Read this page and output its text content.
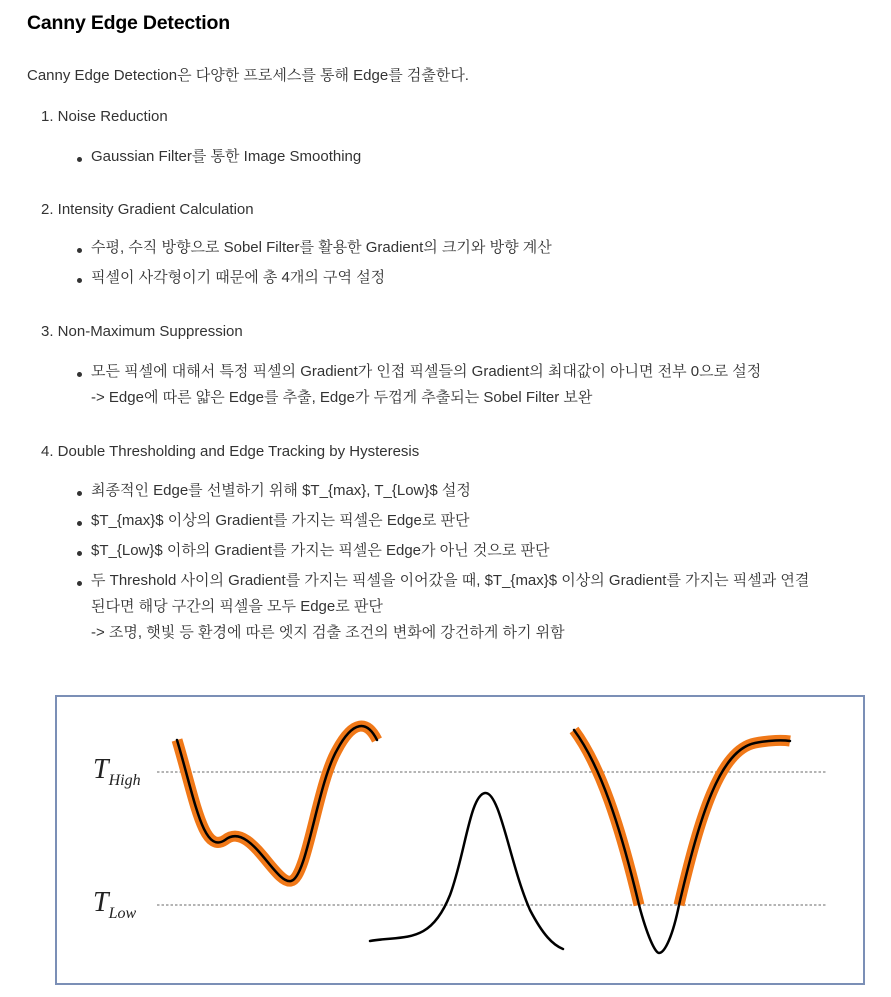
Canny Edge Detection

Canny Edge Detection은 다양한 프로세스를 통해 Edge를 검출한다.

1. Noise Reduction

Gaussian Filter를 통한 Image Smoothing

2. Intensity Gradient Calculation

수평, 수직 방향으로 Sobel Filter를 활용한 Gradient의 크기와 방향 계산
픽셀이 사각형이기 때문에 총 4개의 구역 설정

3. Non-Maximum Suppression

모든 픽셀에 대해서 특정 픽셀의 Gradient가 인접 픽셀들의 Gradient의 최대값이 아니면 전부 0으로 설정
-> Edge에 따른 얇은 Edge를 추출, Edge가 두껍게 추출되는 Sobel Filter 보완

4. Double Thresholding and Edge Tracking by Hysteresis

최종적인 Edge를 선별하기 위해 $T_{max}, T_{Low}$ 설정
$T_{max}$ 이상의 Gradient를 가지는 픽셀은 Edge로 판단
$T_{Low}$ 이하의 Gradient를 가지는 픽셀은 Edge가 아닌 것으로 판단
두 Threshold 사이의 Gradient를 가지는 픽셀을 이어갔을 때, $T_{max}$ 이상의 Gradient를 가지는 픽셀과 연결
된다면 해당 구간의 픽셀을 모두 Edge로 판단
-> 조명, 햇빛 등 환경에 따른 엣지 검출 조건의 변화에 강건하게 하기 위함
$T_{High}$
$T_{Low}$
